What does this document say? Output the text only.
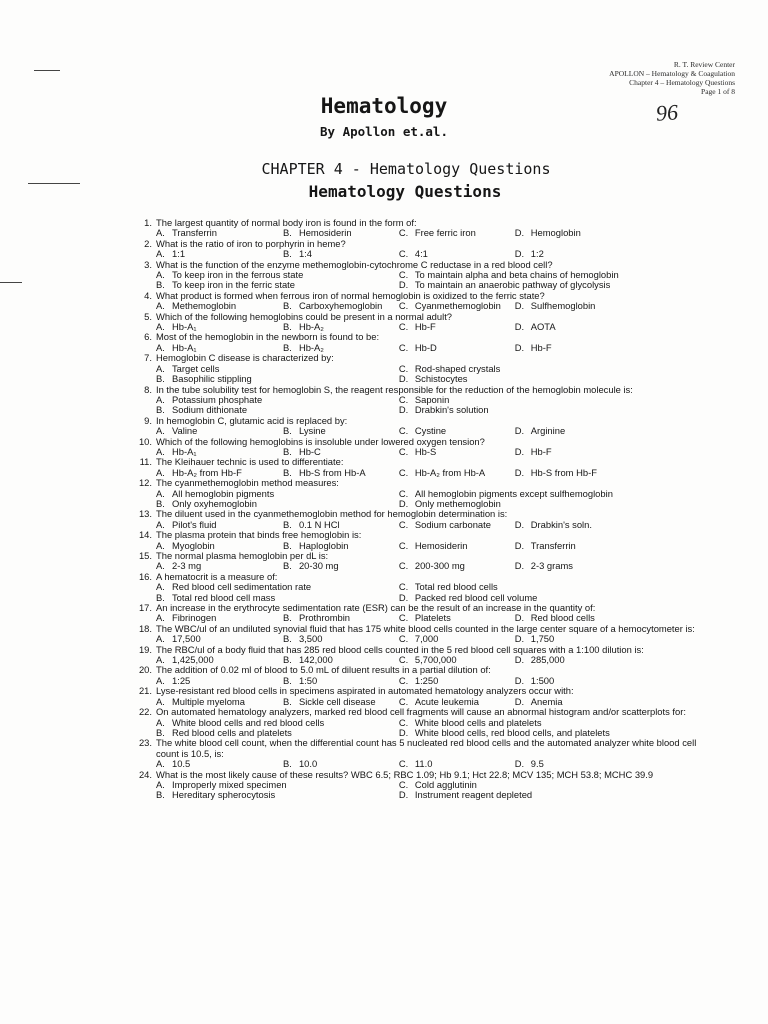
R. T. Review Center
APOLLON – Hematology & Coagulation
Chapter 4 – Hematology Questions
Page 1 of 8
96
Hematology
By Apollon et.al.
CHAPTER 4 - Hematology Questions
Hematology Questions
1. The largest quantity of normal body iron is found in the form of:
A. Transferrin	B. Hemosiderin	C. Free ferric iron	D. Hemoglobin
2. What is the ratio of iron to porphyrin in heme?
A. 1:1	B. 1:4	C. 4:1	D. 1:2
3. What is the function of the enzyme methemoglobin-cytochrome C reductase in a red blood cell?
A. To keep iron in the ferrous state	C. To maintain alpha and beta chains of hemoglobin
B. To keep iron in the ferric state	D. To maintain an anaerobic pathway of glycolysis
4. What product is formed when ferrous iron of normal hemoglobin is oxidized to the ferric state?
A. Methemoglobin	B. Carboxyhemoglobin	C. Cyanmethemoglobin	D. Sulfhemoglobin
5. Which of the following hemoglobins could be present in a normal adult?
A. Hb-A₁	B. Hb-A₂	C. Hb-F	D. AOTA
6. Most of the hemoglobin in the newborn is found to be:
A. Hb-A₁	B. Hb-A₂	C. Hb-D	D. Hb-F
7. Hemoglobin C disease is characterized by:
A. Target cells	C. Rod-shaped crystals
B. Basophilic stippling	D. Schistocytes
8. In the tube solubility test for hemoglobin S, the reagent responsible for the reduction of the hemoglobin molecule is:
A. Potassium phosphate	C. Saponin
B. Sodium dithionate	D. Drabkin's solution
9. In hemoglobin C, glutamic acid is replaced by:
A. Valine	B. Lysine	C. Cystine	D. Arginine
10. Which of the following hemoglobins is insoluble under lowered oxygen tension?
A. Hb-A₁	B. Hb-C	C. Hb-S	D. Hb-F
11. The Kleihauer technic is used to differentiate:
A. Hb-A₂ from Hb-F	B. Hb-S from Hb-A	C. Hb-A₂ from Hb-A	D. Hb-S from Hb-F
12. The cyanmethemoglobin method measures:
A. All hemoglobin pigments	C. All hemoglobin pigments except sulfhemoglobin
B. Only oxyhemoglobin	D. Only methemoglobin
13. The diluent used in the cyanmethemoglobin method for hemoglobin determination is:
A. Pilot's fluid	B. 0.1 N HCl	C. Sodium carbonate	D. Drabkin's soln.
14. The plasma protein that binds free hemoglobin is:
A. Myoglobin	B. Haploglobin	C. Hemosiderin	D. Transferrin
15. The normal plasma hemoglobin per dL is:
A. 2-3 mg	B. 20-30 mg	C. 200-300 mg	D. 2-3 grams
16. A hematocrit is a measure of:
A. Red blood cell sedimentation rate	C. Total red blood cells
B. Total red blood cell mass	D. Packed red blood cell volume
17. An increase in the erythrocyte sedimentation rate (ESR) can be the result of an increase in the quantity of:
A. Fibrinogen	B. Prothrombin	C. Platelets	D. Red blood cells
18. The WBC/ul of an undiluted synovial fluid that has 175 white blood cells counted in the large center square of a hemocytometer is:
A. 17,500	B. 3,500	C. 7,000	D. 1,750
19. The RBC/ul of a body fluid that has 285 red blood cells counted in the 5 red blood cell squares with a 1:100 dilution is:
A. 1,425,000	B. 142,000	C. 5,700,000	D. 285,000
20. The addition of 0.02 ml of blood to 5.0 mL of diluent results in a partial dilution of:
A. 1:25	B. 1:50	C. 1:250	D. 1:500
21. Lyse-resistant red blood cells in specimens aspirated in automated hematology analyzers occur with:
A. Multiple myeloma	B. Sickle cell disease	C. Acute leukemia	D. Anemia
22. On automated hematology analyzers, marked red blood cell fragments will cause an abnormal histogram and/or scatterplots for:
A. White blood cells and red blood cells	C. White blood cells and platelets
B. Red blood cells and platelets	D. White blood cells, red blood cells, and platelets
23. The white blood cell count, when the differential count has 5 nucleated red blood cells and the automated analyzer white blood cell count is 10.5, is:
A. 10.5	B. 10.0	C. 11.0	D. 9.5
24. What is the most likely cause of these results? WBC 6.5; RBC 1.09; Hb 9.1; Hct 22.8; MCV 135; MCH 53.8; MCHC 39.9
A. Improperly mixed specimen	C. Cold agglutinin
B. Hereditary spherocytosis	D. Instrument reagent depleted
